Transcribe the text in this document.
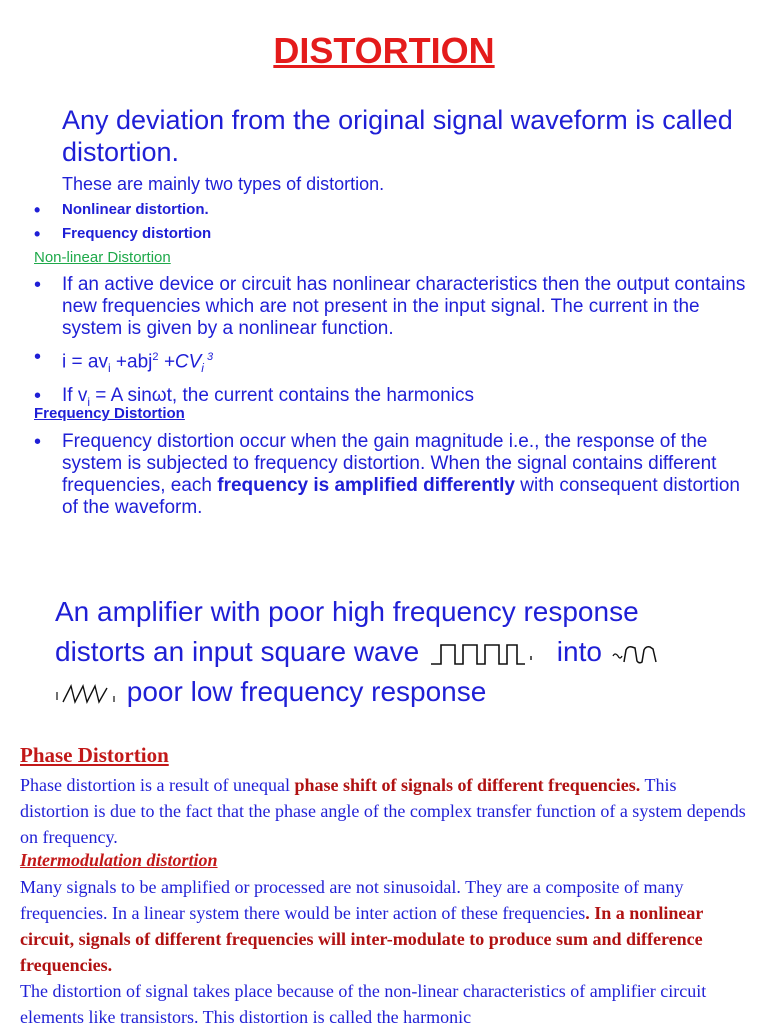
DISTORTION
Any deviation from the original signal waveform is called distortion.
These are mainly two types of distortion.
• Nonlinear distortion.
• Frequency distortion
Non-linear Distortion
• If an active device or circuit has nonlinear characteristics then the output contains new frequencies which are not present in the input signal. The current in the system is given by a nonlinear function.
• $i = av_i +abj^2 +CV_i$ $^3$
• If $v_i = A$ sinωt, the current contains the harmonics
Frequency Distortion
• Frequency distortion occur when the gain magnitude i.e., the response of the system is subjected to frequency distortion. When the signal contains different frequencies, each frequency is amplified differently with consequent distortion of the waveform.
An amplifier with poor high frequency response
distorts an input square wave	into
poor low frequency response
Phase Distortion
Phase distortion is a result of unequal phase shift of signals of different frequencies. This distortion is due to the fact that the phase angle of the complex transfer function of a system depends on frequency.
Intermodulation distortion
Many signals to be amplified or processed are not sinusoidal. They are a composite of many frequencies. In a linear system there would be inter action of these frequencies. In a nonlinear circuit, signals of different frequencies will inter-modulate to produce sum and difference frequencies.
The distortion of signal takes place because of the non-linear characteristics of amplifier circuit elements like transistors. This distortion is called the harmonic
